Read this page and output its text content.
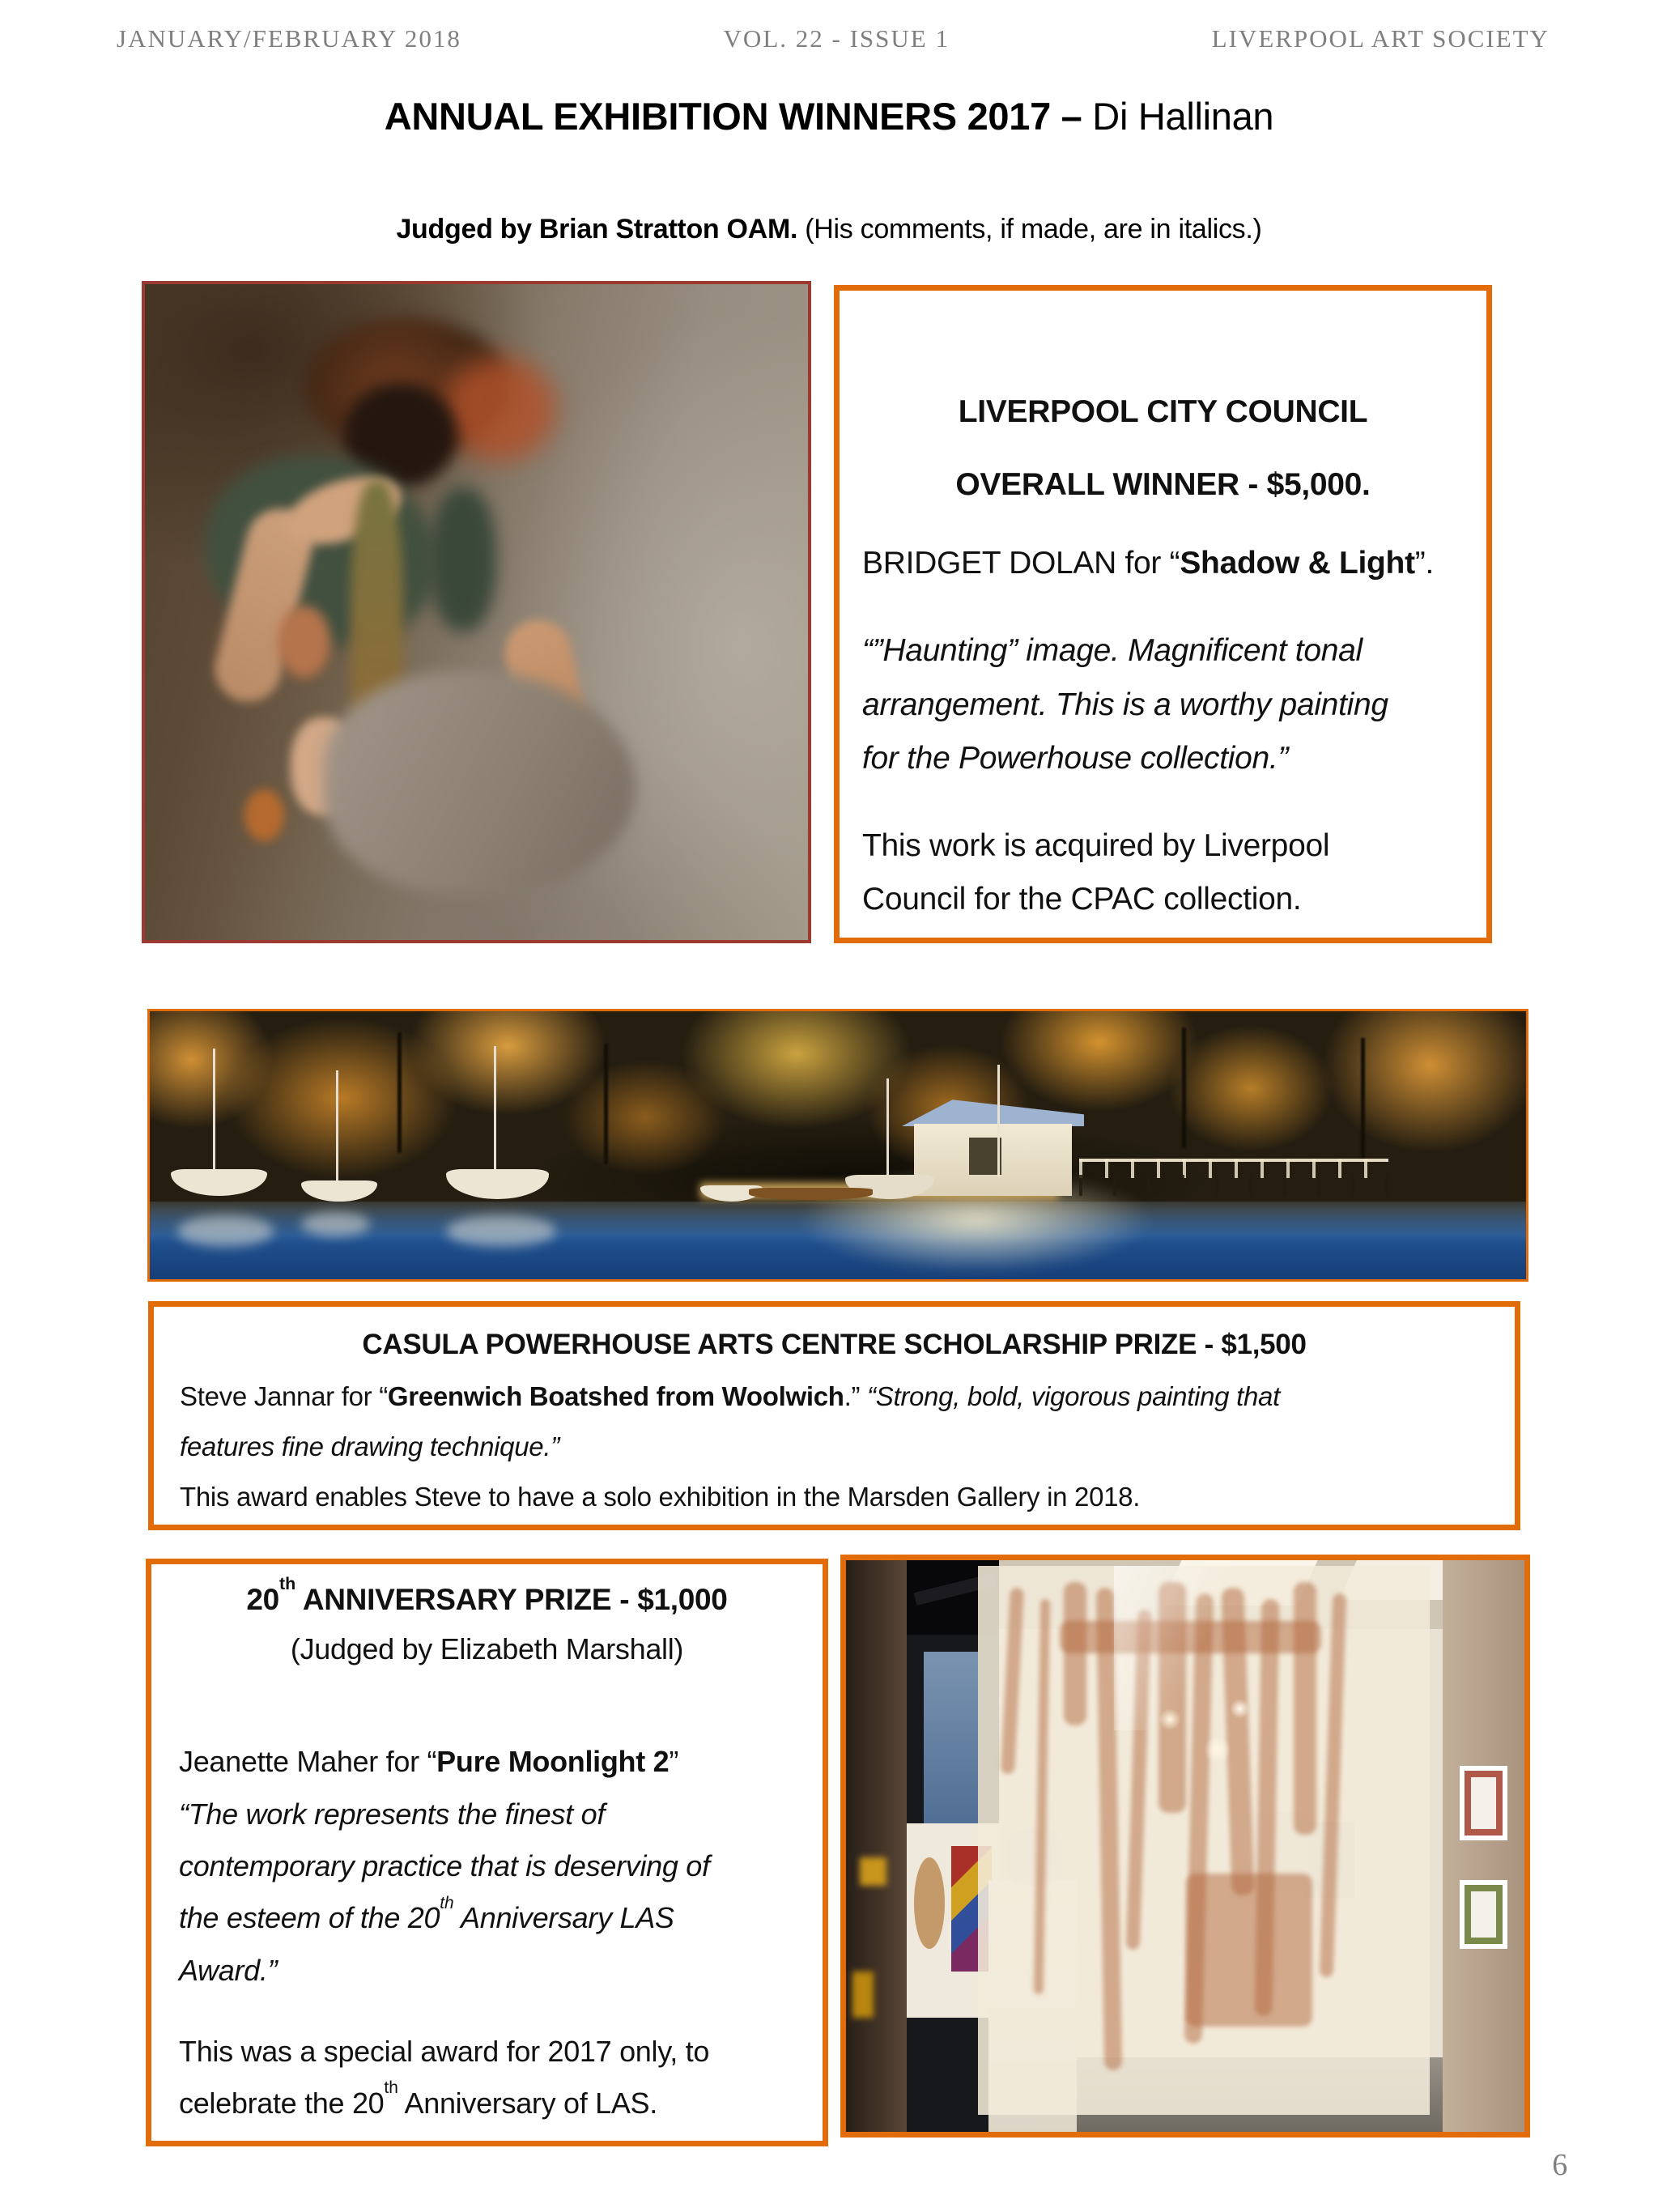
JANUARY/FEBRUARY 2018	VOL. 22 - ISSUE 1	LIVERPOOL ART SOCIETY
ANNUAL EXHIBITION WINNERS 2017 – Di Hallinan
Judged by Brian Stratton OAM. (His comments, if made, are in italics.)
LIVERPOOL CITY COUNCIL
OVERALL WINNER - $5,000.
BRIDGET DOLAN for “Shadow & Light”.
“”Haunting” image. Magnificent tonal
arrangement. This is a worthy painting
for the Powerhouse collection.”
This work is acquired by Liverpool
Council for the CPAC collection.
CASULA POWERHOUSE ARTS CENTRE SCHOLARSHIP PRIZE - $1,500
Steve Jannar for “Greenwich Boatshed from Woolwich.” “Strong, bold, vigorous painting that
features fine drawing technique.”
This award enables Steve to have a solo exhibition in the Marsden Gallery in 2018.
20th ANNIVERSARY PRIZE - $1,000
(Judged by Elizabeth Marshall)
Jeanette Maher for “Pure Moonlight 2”
“The work represents the finest of
contemporary practice that is deserving of
the esteem of the 20th Anniversary LAS
Award.”
This was a special award for 2017 only, to
celebrate the 20th Anniversary of LAS.
6
